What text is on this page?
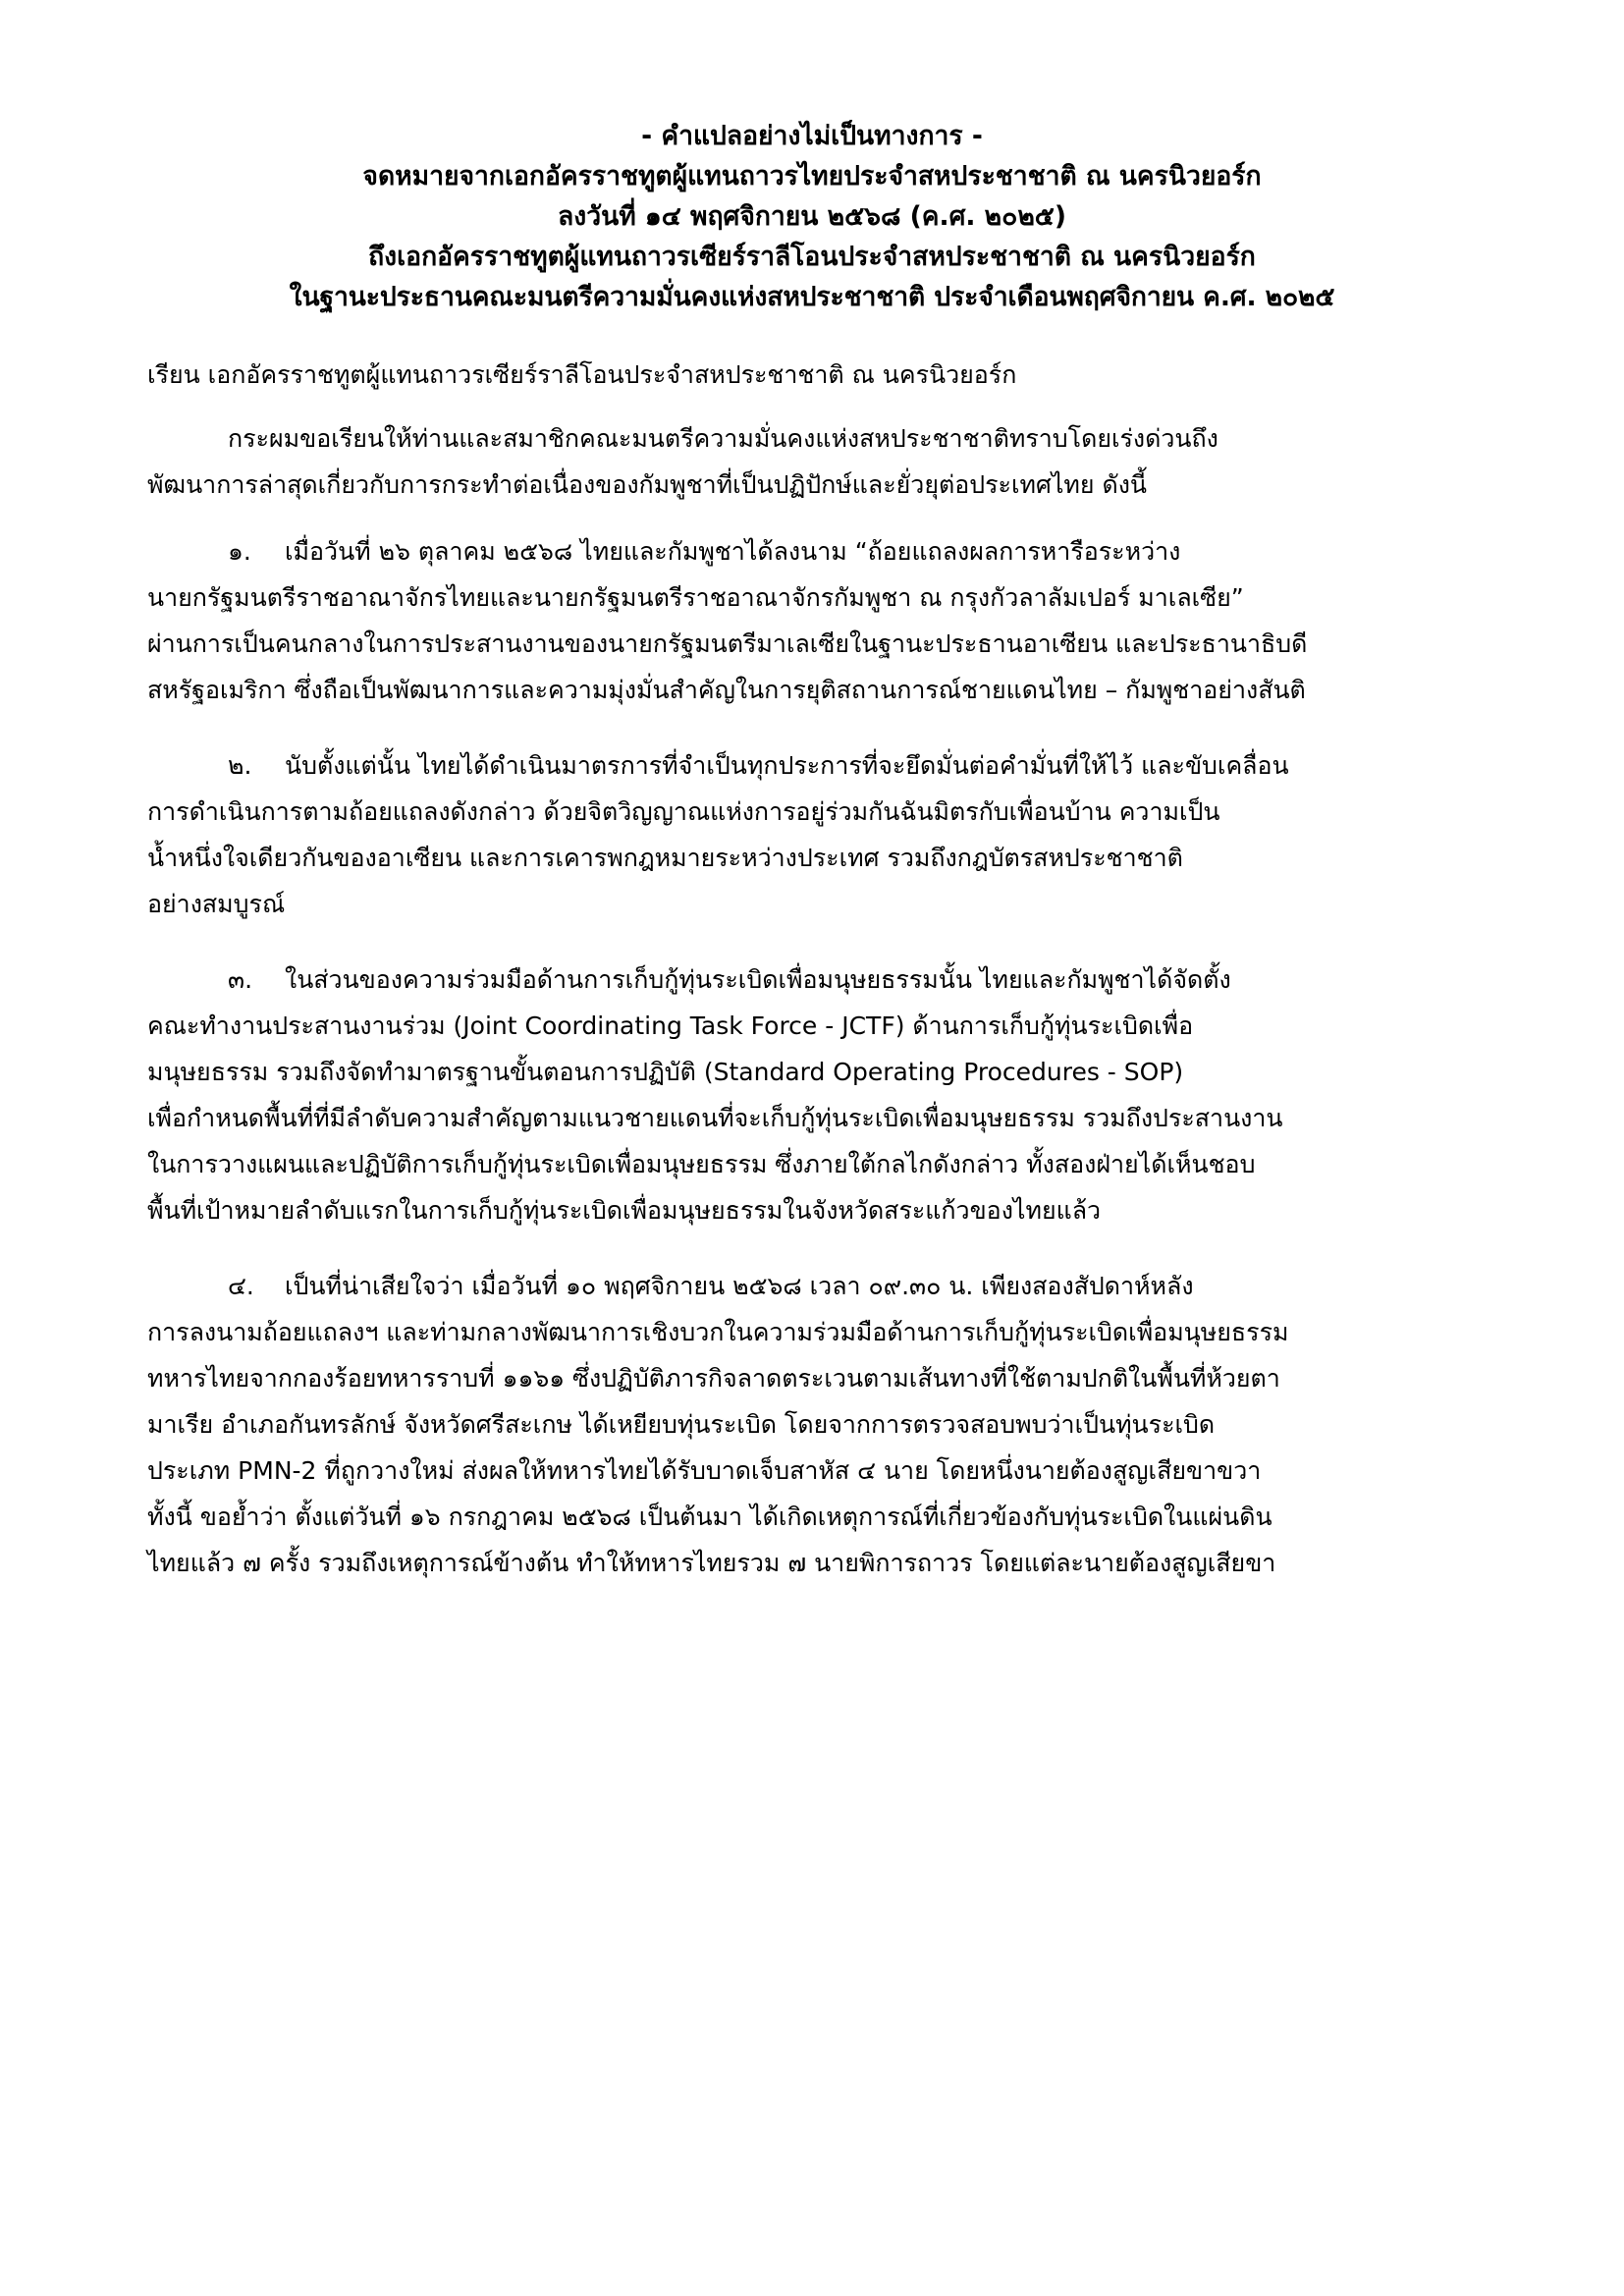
- คำแปลอย่างไม่เป็นทางการ -
จดหมายจากเอกอัครราชทูตผู้แทนถาวรไทยประจำสหประชาชาติ ณ นครนิวยอร์ก
ลงวันที่ ๑๔ พฤศจิกายน ๒๕๖๘ (ค.ศ. ๒๐๒๕)
ถึงเอกอัครราชทูตผู้แทนถาวรเซียร์ราลีโอนประจำสหประชาชาติ ณ นครนิวยอร์ก
ในฐานะประธานคณะมนตรีความมั่นคงแห่งสหประชาชาติ ประจำเดือนพฤศจิกายน ค.ศ. ๒๐๒๕
เรียน เอกอัครราชทูตผู้แทนถาวรเซียร์ราลีโอนประจำสหประชาชาติ ณ นครนิวยอร์ก
กระผมขอเรียนให้ท่านและสมาชิกคณะมนตรีความมั่นคงแห่งสหประชาชาติทราบโดยเร่งด่วนถึง
พัฒนาการล่าสุดเกี่ยวกับการกระทำต่อเนื่องของกัมพูชาที่เป็นปฏิปักษ์และยั่วยุต่อประเทศไทย ดังนี้
๑. เมื่อวันที่ ๒๖ ตุลาคม ๒๕๖๘ ไทยและกัมพูชาได้ลงนาม “ถ้อยแถลงผลการหารือระหว่าง
นายกรัฐมนตรีราชอาณาจักรไทยและนายกรัฐมนตรีราชอาณาจักรกัมพูชา ณ กรุงกัวลาลัมเปอร์ มาเลเซีย”
ผ่านการเป็นคนกลางในการประสานงานของนายกรัฐมนตรีมาเลเซียในฐานะประธานอาเซียน และประธานาธิบดี
สหรัฐอเมริกา ซึ่งถือเป็นพัฒนาการและความมุ่งมั่นสำคัญในการยุติสถานการณ์ชายแดนไทย – กัมพูชาอย่างสันติ
๒. นับตั้งแต่นั้น ไทยได้ดำเนินมาตรการที่จำเป็นทุกประการที่จะยึดมั่นต่อคำมั่นที่ให้ไว้ และขับเคลื่อน
การดำเนินการตามถ้อยแถลงดังกล่าว ด้วยจิตวิญญาณแห่งการอยู่ร่วมกันฉันมิตรกับเพื่อนบ้าน ความเป็น
น้ำหนึ่งใจเดียวกันของอาเซียน และการเคารพกฎหมายระหว่างประเทศ รวมถึงกฎบัตรสหประชาชาติ
อย่างสมบูรณ์
๓. ในส่วนของความร่วมมือด้านการเก็บกู้ทุ่นระเบิดเพื่อมนุษยธรรมนั้น ไทยและกัมพูชาได้จัดตั้ง
คณะทำงานประสานงานร่วม (Joint Coordinating Task Force - JCTF) ด้านการเก็บกู้ทุ่นระเบิดเพื่อ
มนุษยธรรม รวมถึงจัดทำมาตรฐานขั้นตอนการปฏิบัติ (Standard Operating Procedures - SOP)
เพื่อกำหนดพื้นที่ที่มีลำดับความสำคัญตามแนวชายแดนที่จะเก็บกู้ทุ่นระเบิดเพื่อมนุษยธรรม รวมถึงประสานงาน
ในการวางแผนและปฏิบัติการเก็บกู้ทุ่นระเบิดเพื่อมนุษยธรรม ซึ่งภายใต้กลไกดังกล่าว ทั้งสองฝ่ายได้เห็นชอบ
พื้นที่เป้าหมายลำดับแรกในการเก็บกู้ทุ่นระเบิดเพื่อมนุษยธรรมในจังหวัดสระแก้วของไทยแล้ว
๔. เป็นที่น่าเสียใจว่า เมื่อวันที่ ๑๐ พฤศจิกายน ๒๕๖๘ เวลา ๐๙.๓๐ น. เพียงสองสัปดาห์หลัง
การลงนามถ้อยแถลงฯ และท่ามกลางพัฒนาการเชิงบวกในความร่วมมือด้านการเก็บกู้ทุ่นระเบิดเพื่อมนุษยธรรม
ทหารไทยจากกองร้อยทหารราบที่ ๑๑๖๑ ซึ่งปฏิบัติภารกิจลาดตระเวนตามเส้นทางที่ใช้ตามปกติในพื้นที่ห้วยตา
มาเรีย อำเภอกันทรลักษ์ จังหวัดศรีสะเกษ ได้เหยียบทุ่นระเบิด โดยจากการตรวจสอบพบว่าเป็นทุ่นระเบิด
ประเภท PMN-2 ที่ถูกวางใหม่ ส่งผลให้ทหารไทยได้รับบาดเจ็บสาหัส ๔ นาย โดยหนึ่งนายต้องสูญเสียขาขวา
ทั้งนี้ ขอย้ำว่า ตั้งแต่วันที่ ๑๖ กรกฎาคม ๒๕๖๘ เป็นต้นมา ได้เกิดเหตุการณ์ที่เกี่ยวข้องกับทุ่นระเบิดในแผ่นดิน
ไทยแล้ว ๗ ครั้ง รวมถึงเหตุการณ์ข้างต้น ทำให้ทหารไทยรวม ๗ นายพิการถาวร โดยแต่ละนายต้องสูญเสียขา
